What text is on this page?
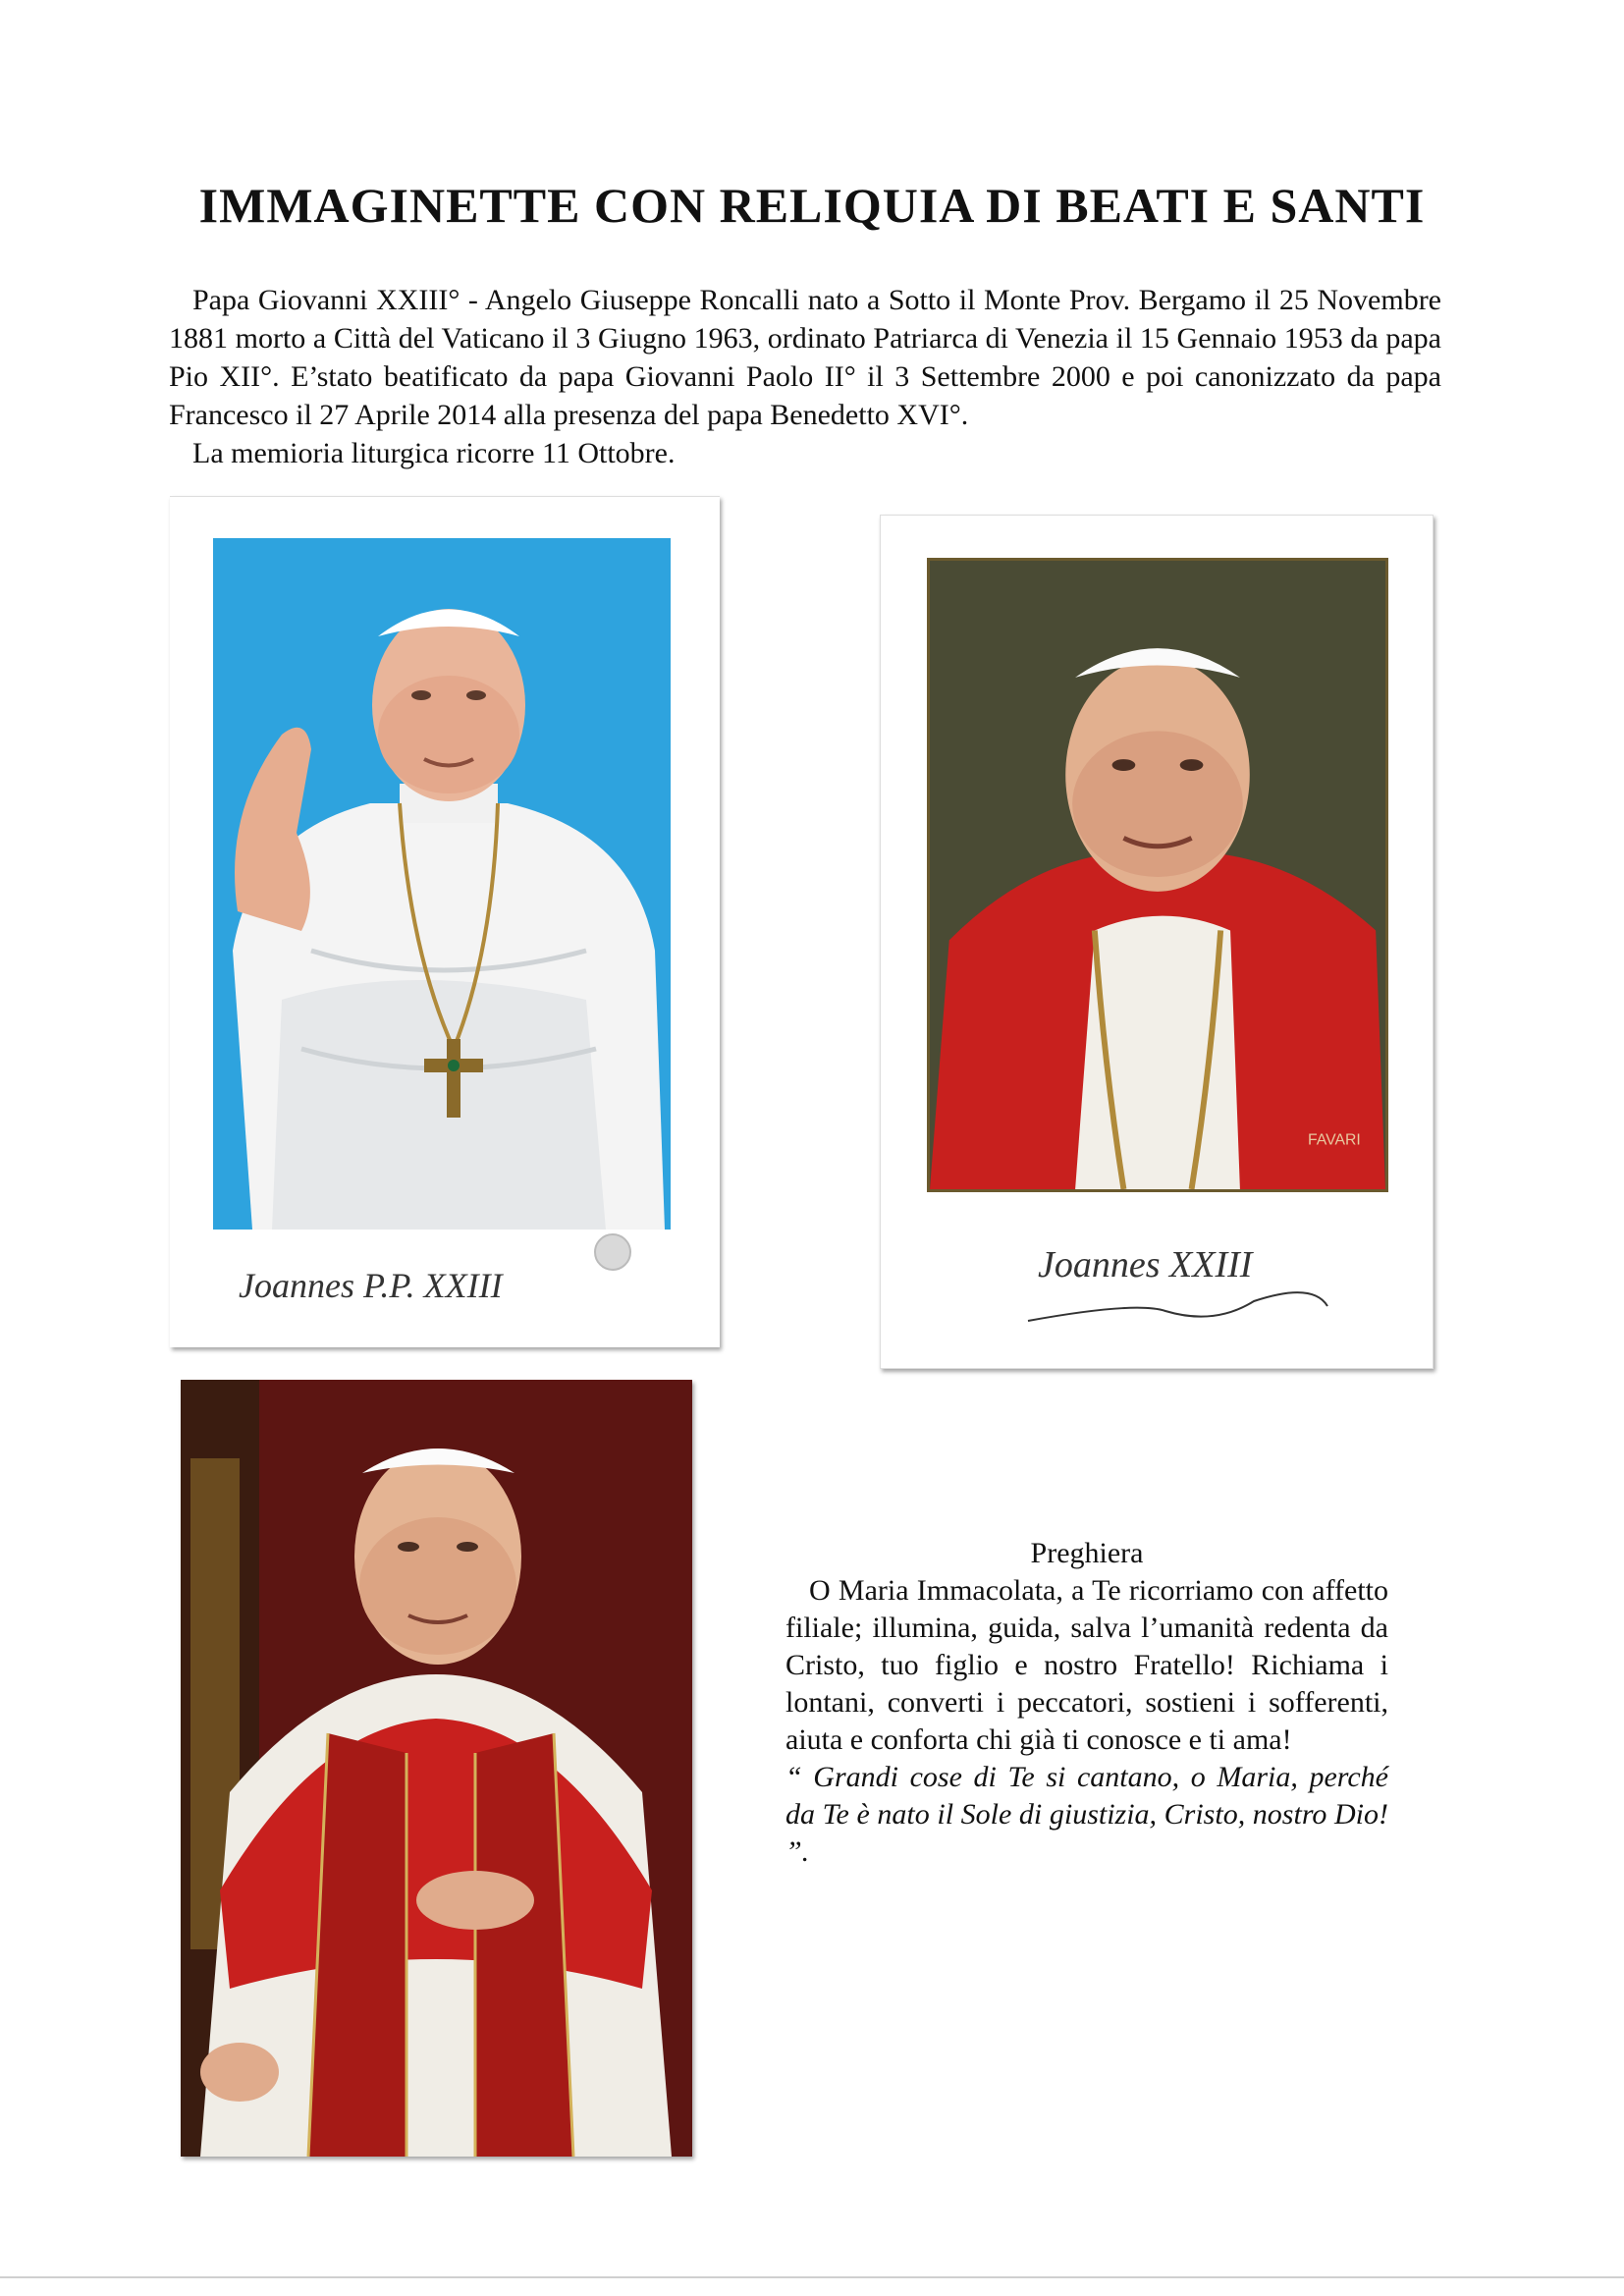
IMMAGINETTE CON RELIQUIA DI BEATI E SANTI

Papa Giovanni XXIII° - Angelo Giuseppe Roncalli nato a Sotto il Monte Prov. Bergamo il 25 Novembre 1881 morto a Città del Vaticano il 3 Giugno 1963, ordinato Patriarca di Venezia il 15 Gennaio 1953 da papa Pio XII°. E’stato beatificato da papa Giovanni Paolo II° il 3 Settembre 2000 e poi canonizzato da papa Francesco il 27 Aprile 2014 alla presenza del papa Benedetto XVI°.

La memioria liturgica ricorre 11 Ottobre.

Joannes P.P. XXIII
FAVARI
Joannes XXIII

Preghiera

O Maria Immacolata, a Te ricorriamo con affetto filiale; illumina, guida, salva l’umanità redenta da Cristo, tuo figlio e nostro Fratello! Richiama i lontani, converti i peccatori, sostieni i sofferenti, aiuta e conforta chi già ti conosce e ti ama!

“ Grandi cose di Te si cantano, o Maria, perché da Te è nato il Sole di giustizia, Cristo, nostro Dio! ”.
